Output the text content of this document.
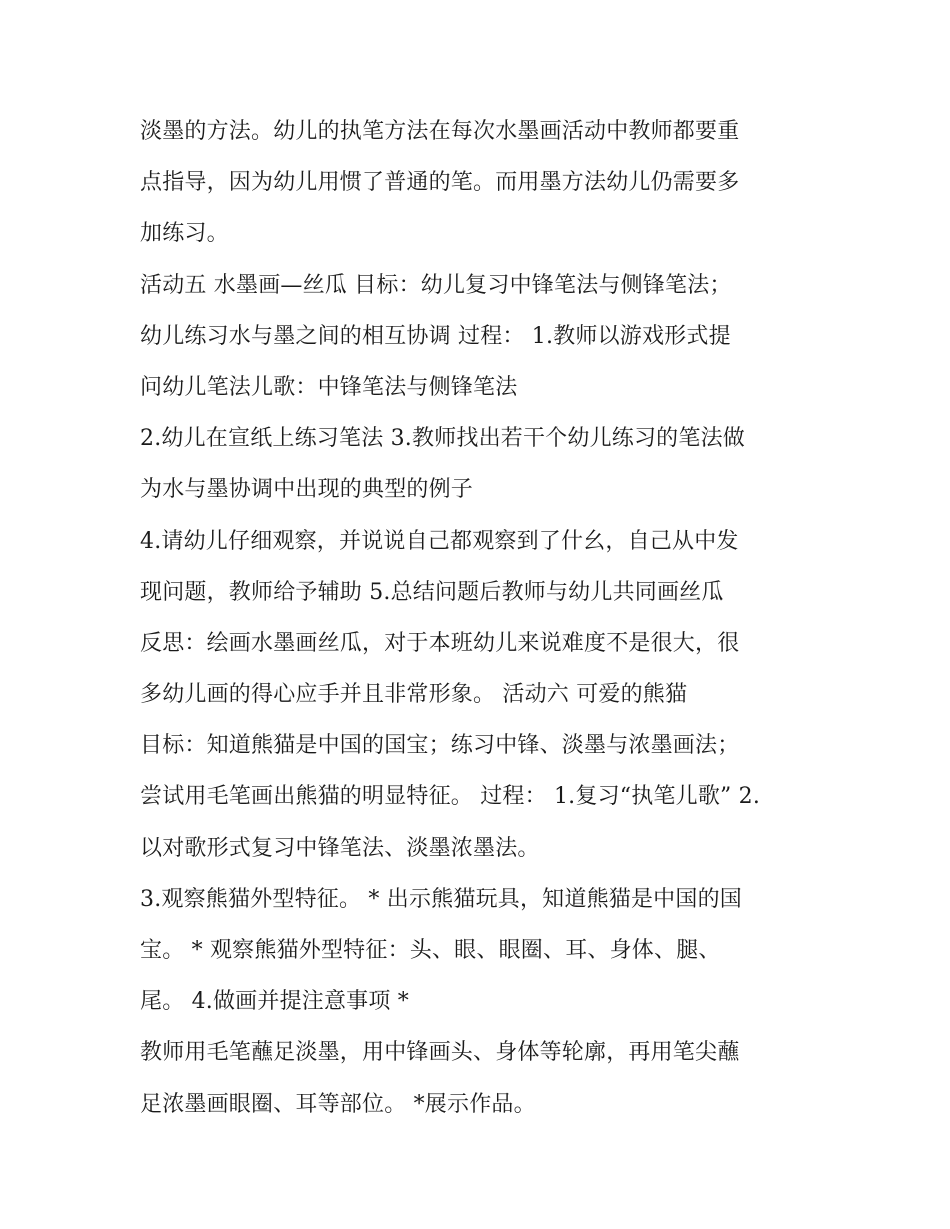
淡墨的方法。幼儿的执笔方法在每次水墨画活动中教师都要重
点指导，因为幼儿用惯了普通的笔。而用墨方法幼儿仍需要多
加练习。
活动五 水墨画—丝瓜 目标：幼儿复习中锋笔法与侧锋笔法；
幼儿练习水与墨之间的相互协调 过程： 1.教师以游戏形式提
问幼儿笔法儿歌：中锋笔法与侧锋笔法
2.幼儿在宣纸上练习笔法 3.教师找出若干个幼儿练习的笔法做
为水与墨协调中出现的典型的例子
4.请幼儿仔细观察，并说说自己都观察到了什幺，自己从中发
现问题，教师给予辅助 5.总结问题后教师与幼儿共同画丝瓜
反思：绘画水墨画丝瓜，对于本班幼儿来说难度不是很大，很
多幼儿画的得心应手并且非常形象。 活动六 可爱的熊猫
目标：知道熊猫是中国的国宝；练习中锋、淡墨与浓墨画法；
尝试用毛笔画出熊猫的明显特征。 过程： 1.复习“执笔儿歌” 2.
以对歌形式复习中锋笔法、淡墨浓墨法。
3.观察熊猫外型特征。 * 出示熊猫玩具，知道熊猫是中国的国
宝。 * 观察熊猫外型特征：头、眼、眼圈、耳、身体、腿、
尾。 4.做画并提注意事项 *
教师用毛笔蘸足淡墨，用中锋画头、身体等轮廓，再用笔尖蘸
足浓墨画眼圈、耳等部位。 *展示作品。
